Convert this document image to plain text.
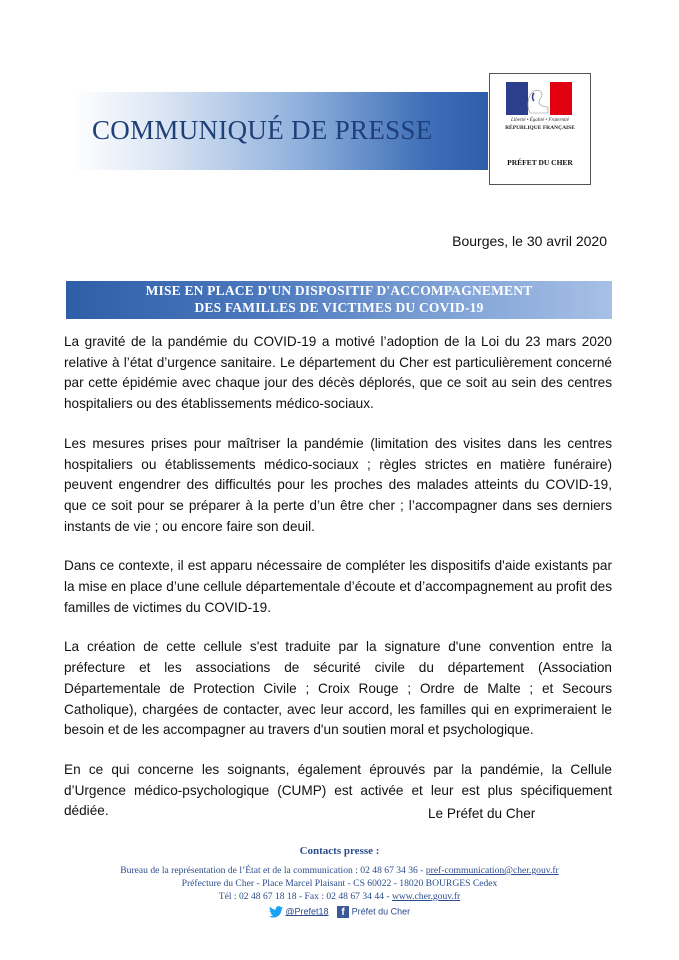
COMMUNIQUÉ DE PRESSE	Liberté • Égalité • Fraternité
RÉPUBLIQUE FRANÇAISE
PRÉFET DU CHER
Bourges, le 30 avril 2020
MISE EN PLACE D'UN DISPOSITIF D'ACCOMPAGNEMENT
DES FAMILLES DE VICTIMES DU COVID-19

La gravité de la pandémie du COVID-19 a motivé l’adoption de la Loi du 23 mars 2020 relative à l’état d’urgence sanitaire. Le département du Cher est particulièrement concerné par cette épidémie avec chaque jour des décès déplorés, que ce soit au sein des centres hospitaliers ou des établissements médico-sociaux.

Les mesures prises pour maîtriser la pandémie (limitation des visites dans les centres hospitaliers ou établissements médico-sociaux ; règles strictes en matière funéraire) peuvent engendrer des difficultés pour les proches des malades atteints du COVID-19, que ce soit pour se préparer à la perte d’un être cher ; l’accompagner dans ses derniers instants de vie ; ou encore faire son deuil.

Dans ce contexte, il est apparu nécessaire de compléter les dispositifs d'aide existants par la mise en place d’une cellule départementale d’écoute et d’accompagnement au profit des familles de victimes du COVID-19.

La création de cette cellule s'est traduite par la signature d'une convention entre la préfecture et les associations de sécurité civile du département (Association Départementale de Protection Civile ; Croix Rouge ; Ordre de Malte ; et Secours Catholique), chargées de contacter, avec leur accord, les familles qui en exprimeraient le besoin et de les accompagner au travers d'un soutien moral et psychologique.

En ce qui concerne les soignants, également éprouvés par la pandémie, la Cellule d’Urgence médico-psychologique (CUMP) est activée et leur est plus spécifiquement dédiée.	Le Préfet du Cher
Contacts presse :
Bureau de la représentation de l’État et de la communication : 02 48 67 34 36 - pref-communication@cher.gouv.fr
Préfecture du Cher - Place Marcel Plaisant - CS 60022 - 18020 BOURGES Cedex
Tél : 02 48 67 18 18 - Fax : 02 48 67 34 44 - www.cher.gouv.fr
@Prefet18 f Préfet du Cher
